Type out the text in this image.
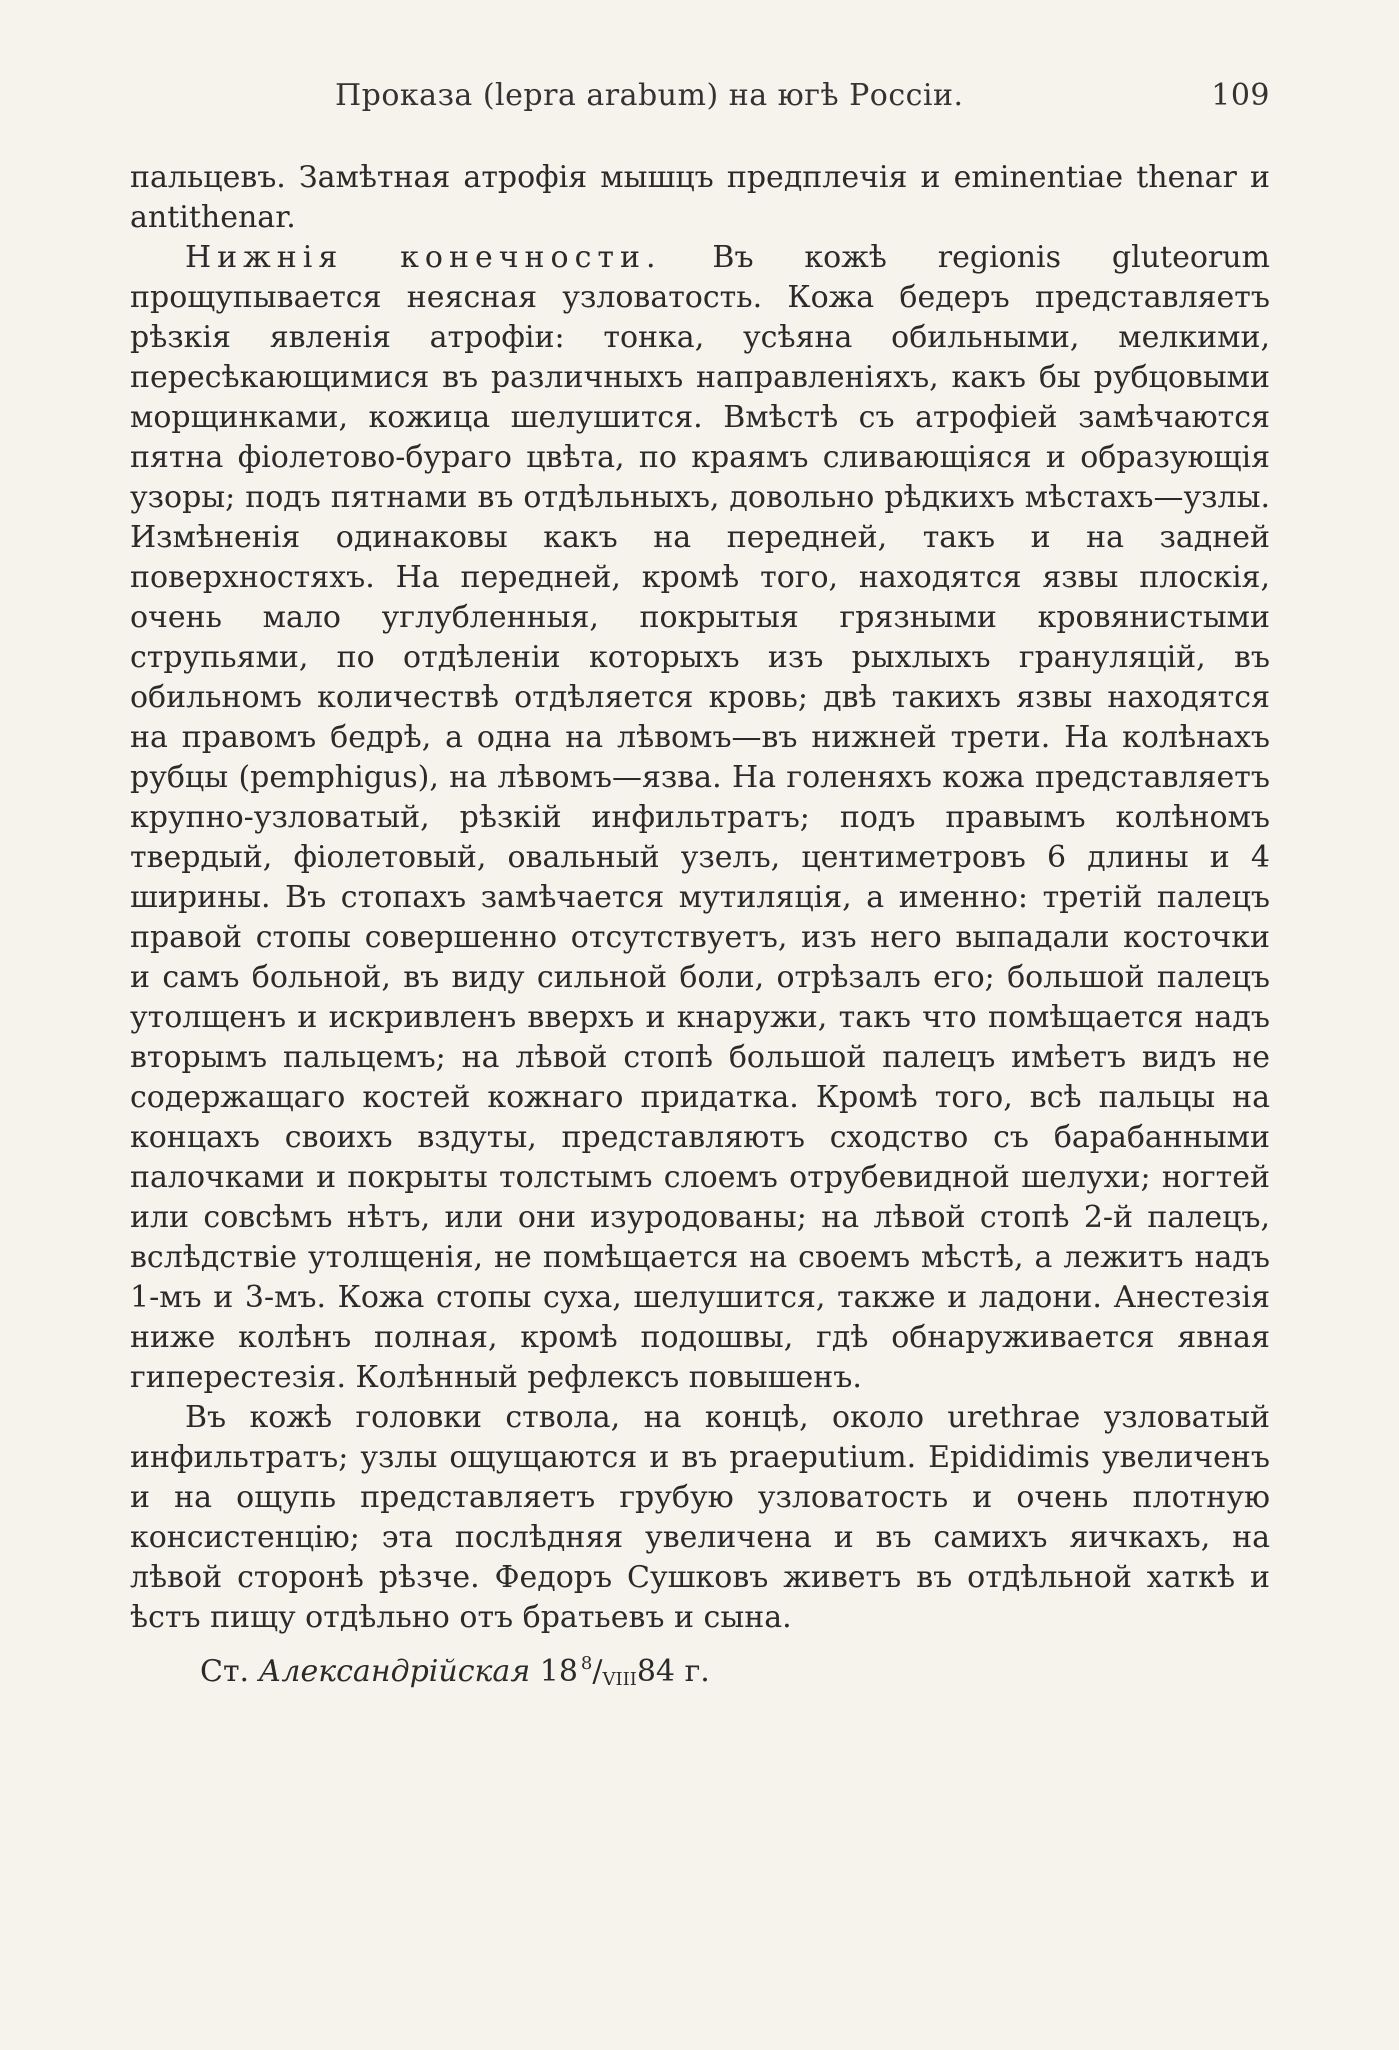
Проказа (lepra arabum) на югѣ Россіи.	109

пальцевъ. Замѣтная атрофія мышцъ предплечія и eminentiae thenar и antithenar.

Нижнія конечности. Въ кожѣ regionis gluteorum прощупывается неясная узловатость. Кожа бедеръ представляетъ рѣзкія явленія атрофіи: тонка, усѣяна обильными, мелкими, пересѣкающимися въ различныхъ направленіяхъ, какъ бы рубцовыми морщинками, кожица шелушится. Вмѣстѣ съ атрофіей замѣчаются пятна фіолетово-бураго цвѣта, по краямъ сливающіяся и образующія узоры; подъ пятнами въ отдѣльныхъ, довольно рѣдкихъ мѣстахъ—узлы. Измѣненія одинаковы какъ на передней, такъ и на задней поверхностяхъ. На передней, кромѣ того, находятся язвы плоскія, очень мало углубленныя, покрытыя грязными кровянистыми струпьями, по отдѣленіи которыхъ изъ рыхлыхъ грануляцій, въ обильномъ количествѣ отдѣляется кровь; двѣ такихъ язвы находятся на правомъ бедрѣ, а одна на лѣвомъ—въ нижней трети. На колѣнахъ рубцы (pemphigus), на лѣвомъ—язва. На голеняхъ кожа представляетъ крупно-узловатый, рѣзкій инфильтратъ; подъ правымъ колѣномъ твердый, фіолетовый, овальный узелъ, центиметровъ 6 длины и 4 ширины. Въ стопахъ замѣчается мутиляція, а именно: третій палецъ правой стопы совершенно отсутствуетъ, изъ него выпадали косточки и самъ больной, въ виду сильной боли, отрѣзалъ его; большой палецъ утолщенъ и искривленъ вверхъ и кнаружи, такъ что помѣщается надъ вторымъ пальцемъ; на лѣвой стопѣ большой палецъ имѣетъ видъ не содержащаго костей кожнаго придатка. Кромѣ того, всѣ пальцы на концахъ своихъ вздуты, представляютъ сходство съ барабанными палочками и покрыты толстымъ слоемъ отрубевидной шелухи; ногтей или совсѣмъ нѣтъ, или они изуродованы; на лѣвой стопѣ 2-й палецъ, вслѣдствіе утолщенія, не помѣщается на своемъ мѣстѣ, а лежитъ надъ 1-мъ и 3-мъ. Кожа стопы суха, шелушится, также и ладони. Анестезія ниже колѣнъ полная, кромѣ подошвы, гдѣ обнаруживается явная гиперестезія. Колѣнный рефлексъ повышенъ.

Въ кожѣ головки ствола, на концѣ, около urethrae узловатый инфильтратъ; узлы ощущаются и въ praeputium. Epididimis увеличенъ и на ощупь представляетъ грубую узловатость и очень плотную консистенцію; эта послѣдняя увеличена и въ самихъ яичкахъ, на лѣвой сторонѣ рѣзче. Федоръ Сушковъ живетъ въ отдѣльной хаткѣ и ѣстъ пищу отдѣльно отъ братьевъ и сына.

Ст. Александрійская 18  $^8/_{VIII}84$ г.
